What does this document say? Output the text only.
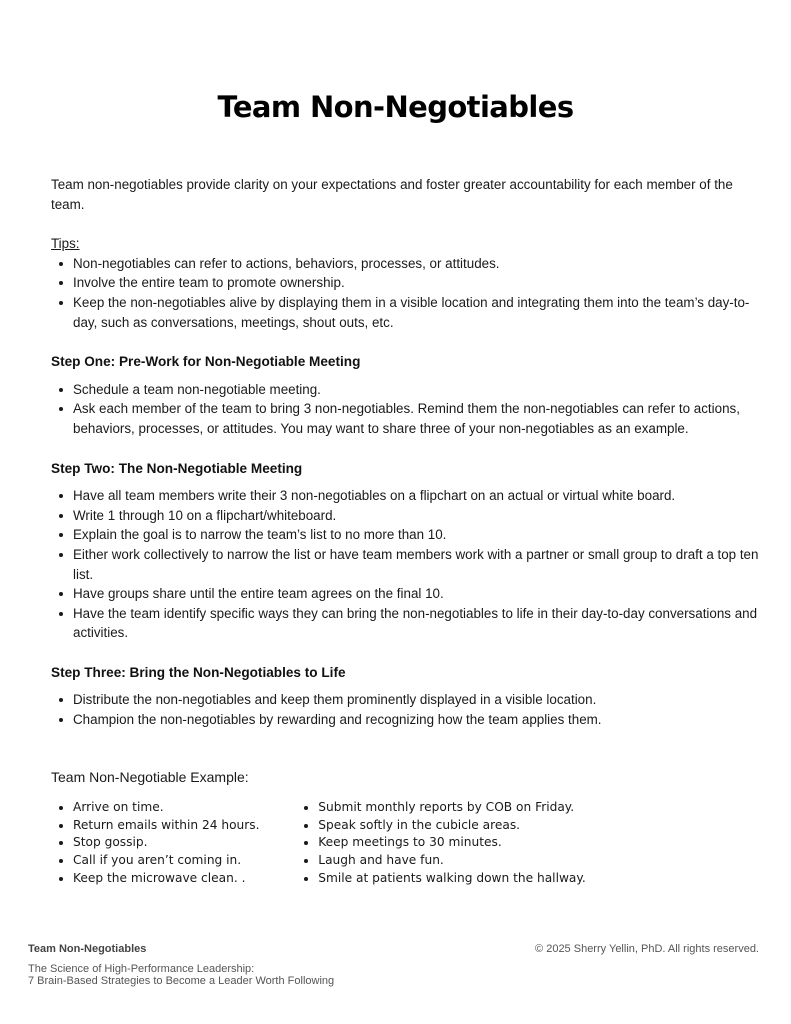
Team Non-Negotiables

Team non-negotiables provide clarity on your expectations and foster greater accountability for each member of the team.

Tips:

Non-negotiables can refer to actions, behaviors, processes, or attitudes.
Involve the entire team to promote ownership.
Keep the non-negotiables alive by displaying them in a visible location and integrating them into the team’s day-to-day, such as conversations, meetings, shout outs, etc.

Step One: Pre-Work for Non-Negotiable Meeting

Schedule a team non-negotiable meeting.
Ask each member of the team to bring 3 non-negotiables. Remind them the non-negotiables can refer to actions, behaviors, processes, or attitudes. You may want to share three of your non-negotiables as an example.

Step Two: The Non-Negotiable Meeting

Have all team members write their 3 non-negotiables on a flipchart on an actual or virtual white board.
Write 1 through 10 on a flipchart/whiteboard.
Explain the goal is to narrow the team’s list to no more than 10.
Either work collectively to narrow the list or have team members work with a partner or small group to draft a top ten list.
Have groups share until the entire team agrees on the final 10.
Have the team identify specific ways they can bring the non-negotiables to life in their day-to-day conversations and activities.

Step Three: Bring the Non-Negotiables to Life

Distribute the non-negotiables and keep them prominently displayed in a visible location.
Champion the non-negotiables by rewarding and recognizing how the team applies them.

Team Non-Negotiable Example:

Arrive on time.
Return emails within 24 hours.
Stop gossip.
Call if you aren’t coming in.
Keep the microwave clean. .
Submit monthly reports by COB on Friday.
Speak softly in the cubicle areas.
Keep meetings to 30 minutes.
Laugh and have fun.
Smile at patients walking down the hallway.
Team Non-Negotiables
The Science of High-Performance Leadership:
7 Brain-Based Strategies to Become a Leader Worth Following
© 2025 Sherry Yellin, PhD. All rights reserved.
